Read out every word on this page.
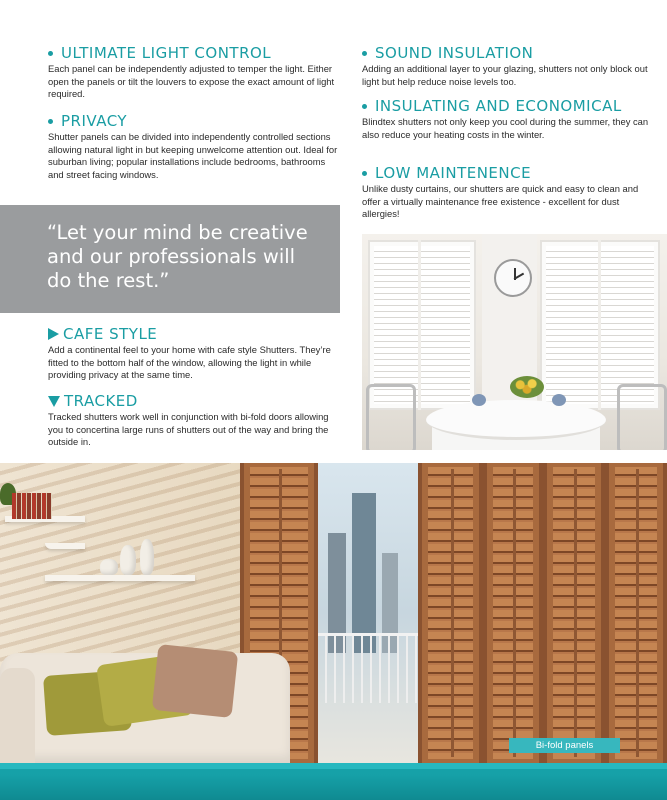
ULTIMATE LIGHT CONTROL

Each panel can be independently adjusted to temper the light. Either open the panels or tilt the louvers to expose the exact amount of light required.

PRIVACY

Shutter panels can be divided into independently controlled sections allowing natural light in but keeping unwelcome attention out. Ideal for suburban living; popular installations include bedrooms, bathrooms and street facing windows.

SOUND INSULATION

Adding an additional layer to your glazing, shutters not only block out light but help reduce noise levels too.

INSULATING AND ECONOMICAL

Blindtex shutters not only keep you cool during the summer, they can also reduce your heating costs in the winter.

LOW MAINTENENCE

Unlike dusty curtains, our shutters are quick and easy to clean and offer a virtually maintenance free existence - excellent for dust allergies!

“Let your mind be creative and our professionals will do the rest.”

CAFE STYLE

Add a continental feel to your home with cafe style Shutters. They’re fitted to the bottom half of the window, allowing the light in while providing privacy at the same time.

TRACKED

Tracked shutters work well in conjunction with bi-fold doors allowing you to concertina large runs of shutters out of the way and bring the outside in.

Bi-fold panels
